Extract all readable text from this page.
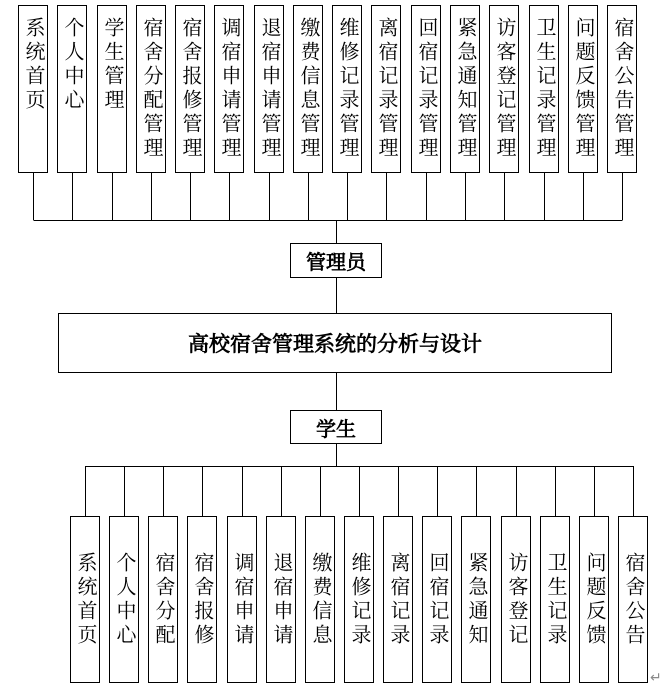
管理员
高校宿舍管理系统的分析与设计
学生
↵
系统首页 个人中心 学生管理 宿舍分配管理 宿舍报修管理 调宿申请管理 退宿申请管理 缴费信息管理 维修记录管理 离宿记录管理 回宿记录管理 紧急通知管理 访客登记管理 卫生记录管理 问题反馈管理 宿舍公告管理
系统首页 个人中心 宿舍分配 宿舍报修 调宿申请 退宿申请 缴费信息 维修记录 离宿记录 回宿记录 紧急通知 访客登记 卫生记录 问题反馈 宿舍公告
